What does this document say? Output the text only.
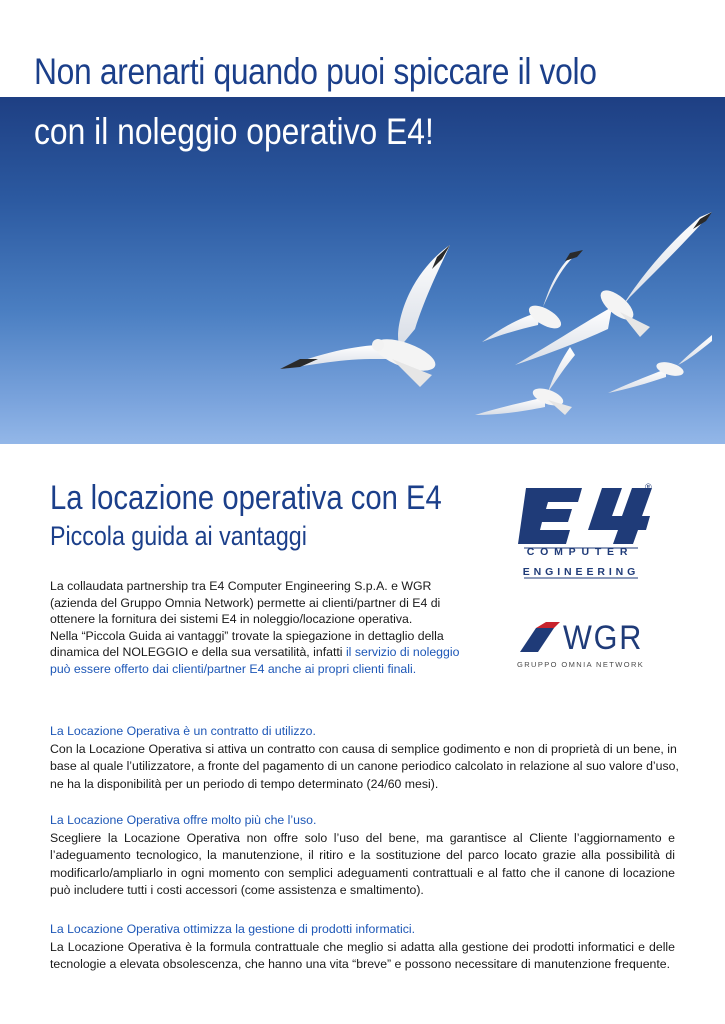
Non arenarti quando puoi spiccare il volo
con il noleggio operativo E4!
La locazione operativa con E4
Piccola guida ai vantaggi
La collaudata partnership tra E4 Computer Engineering S.p.A. e WGR
(azienda del Gruppo Omnia Network) permette ai clienti/partner di E4 di
ottenere la fornitura dei sistemi E4 in noleggio/locazione operativa.
Nella “Piccola Guida ai vantaggi” trovate la spiegazione in dettaglio della
dinamica del NOLEGGIO e della sua versatilità, infatti il servizio di noleggio
può essere offerto dai clienti/partner E4 anche ai propri clienti finali.
®
COMPUTER
ENGINEERING
WGR
GRUPPO OMNIA NETWORK
La Locazione Operativa è un contratto di utilizzo.
Con la Locazione Operativa si attiva un contratto con causa di semplice godimento e non di proprietà di un bene, in
base al quale l’utilizzatore, a fronte del pagamento di un canone periodico calcolato in relazione al suo valore d’uso,
ne ha la disponibilità per un periodo di tempo determinato (24/60 mesi).
La Locazione Operativa offre molto più che l’uso.
Scegliere la Locazione Operativa non offre solo l’uso del bene, ma garantisce al Cliente l’aggiornamento e
l’adeguamento tecnologico, la manutenzione, il ritiro e la sostituzione del parco locato grazie alla possibilità di
modificarlo/ampliarlo in ogni momento con semplici adeguamenti contrattuali e al fatto che il canone di locazione
può includere tutti i costi accessori (come assistenza e smaltimento).
La Locazione Operativa ottimizza la gestione di prodotti informatici.
La Locazione Operativa è la formula contrattuale che meglio si adatta alla gestione dei prodotti informatici e delle
tecnologie a elevata obsolescenza, che hanno una vita “breve” e possono necessitare di manutenzione frequente.
